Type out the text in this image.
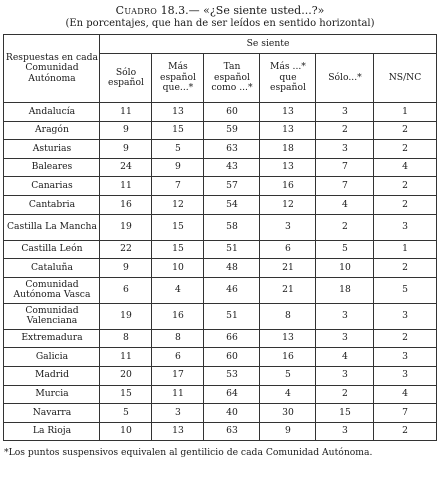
Cuadro 18.3.— «¿Se siente usted...?»
(En porcentajes, que han de ser leídos en sentido horizontal)
Respuestas en cada Comunidad Autónoma	Se siente					
	Sólo español	Más español que...*	Tan español como ...*	Más ...* que español	Sólo...*	NS/NC
Andalucía	11	13	60	13	3	1
Aragón	9	15	59	13	2	2
Asturias	9	5	63	18	3	2
Baleares	24	9	43	13	7	4
Canarias	11	7	57	16	7	2
Cantabria	16	12	54	12	4	2
Castilla La Mancha	19	15	58	3	2	3
Castilla León	22	15	51	6	5	1
Cataluña	9	10	48	21	10	2
Comunidad Autónoma Vasca	6	4	46	21	18	5
Comunidad Valenciana	19	16	51	8	3	3
Extremadura	8	8	66	13	3	2
Galicia	11	6	60	16	4	3
Madrid	20	17	53	5	3	3
Murcia	15	11	64	4	2	4
Navarra	5	3	40	30	15	7
La Rioja	10	13	63	9	3	2
*Los puntos suspensivos equivalen al gentilicio de cada Comunidad Autónoma.
